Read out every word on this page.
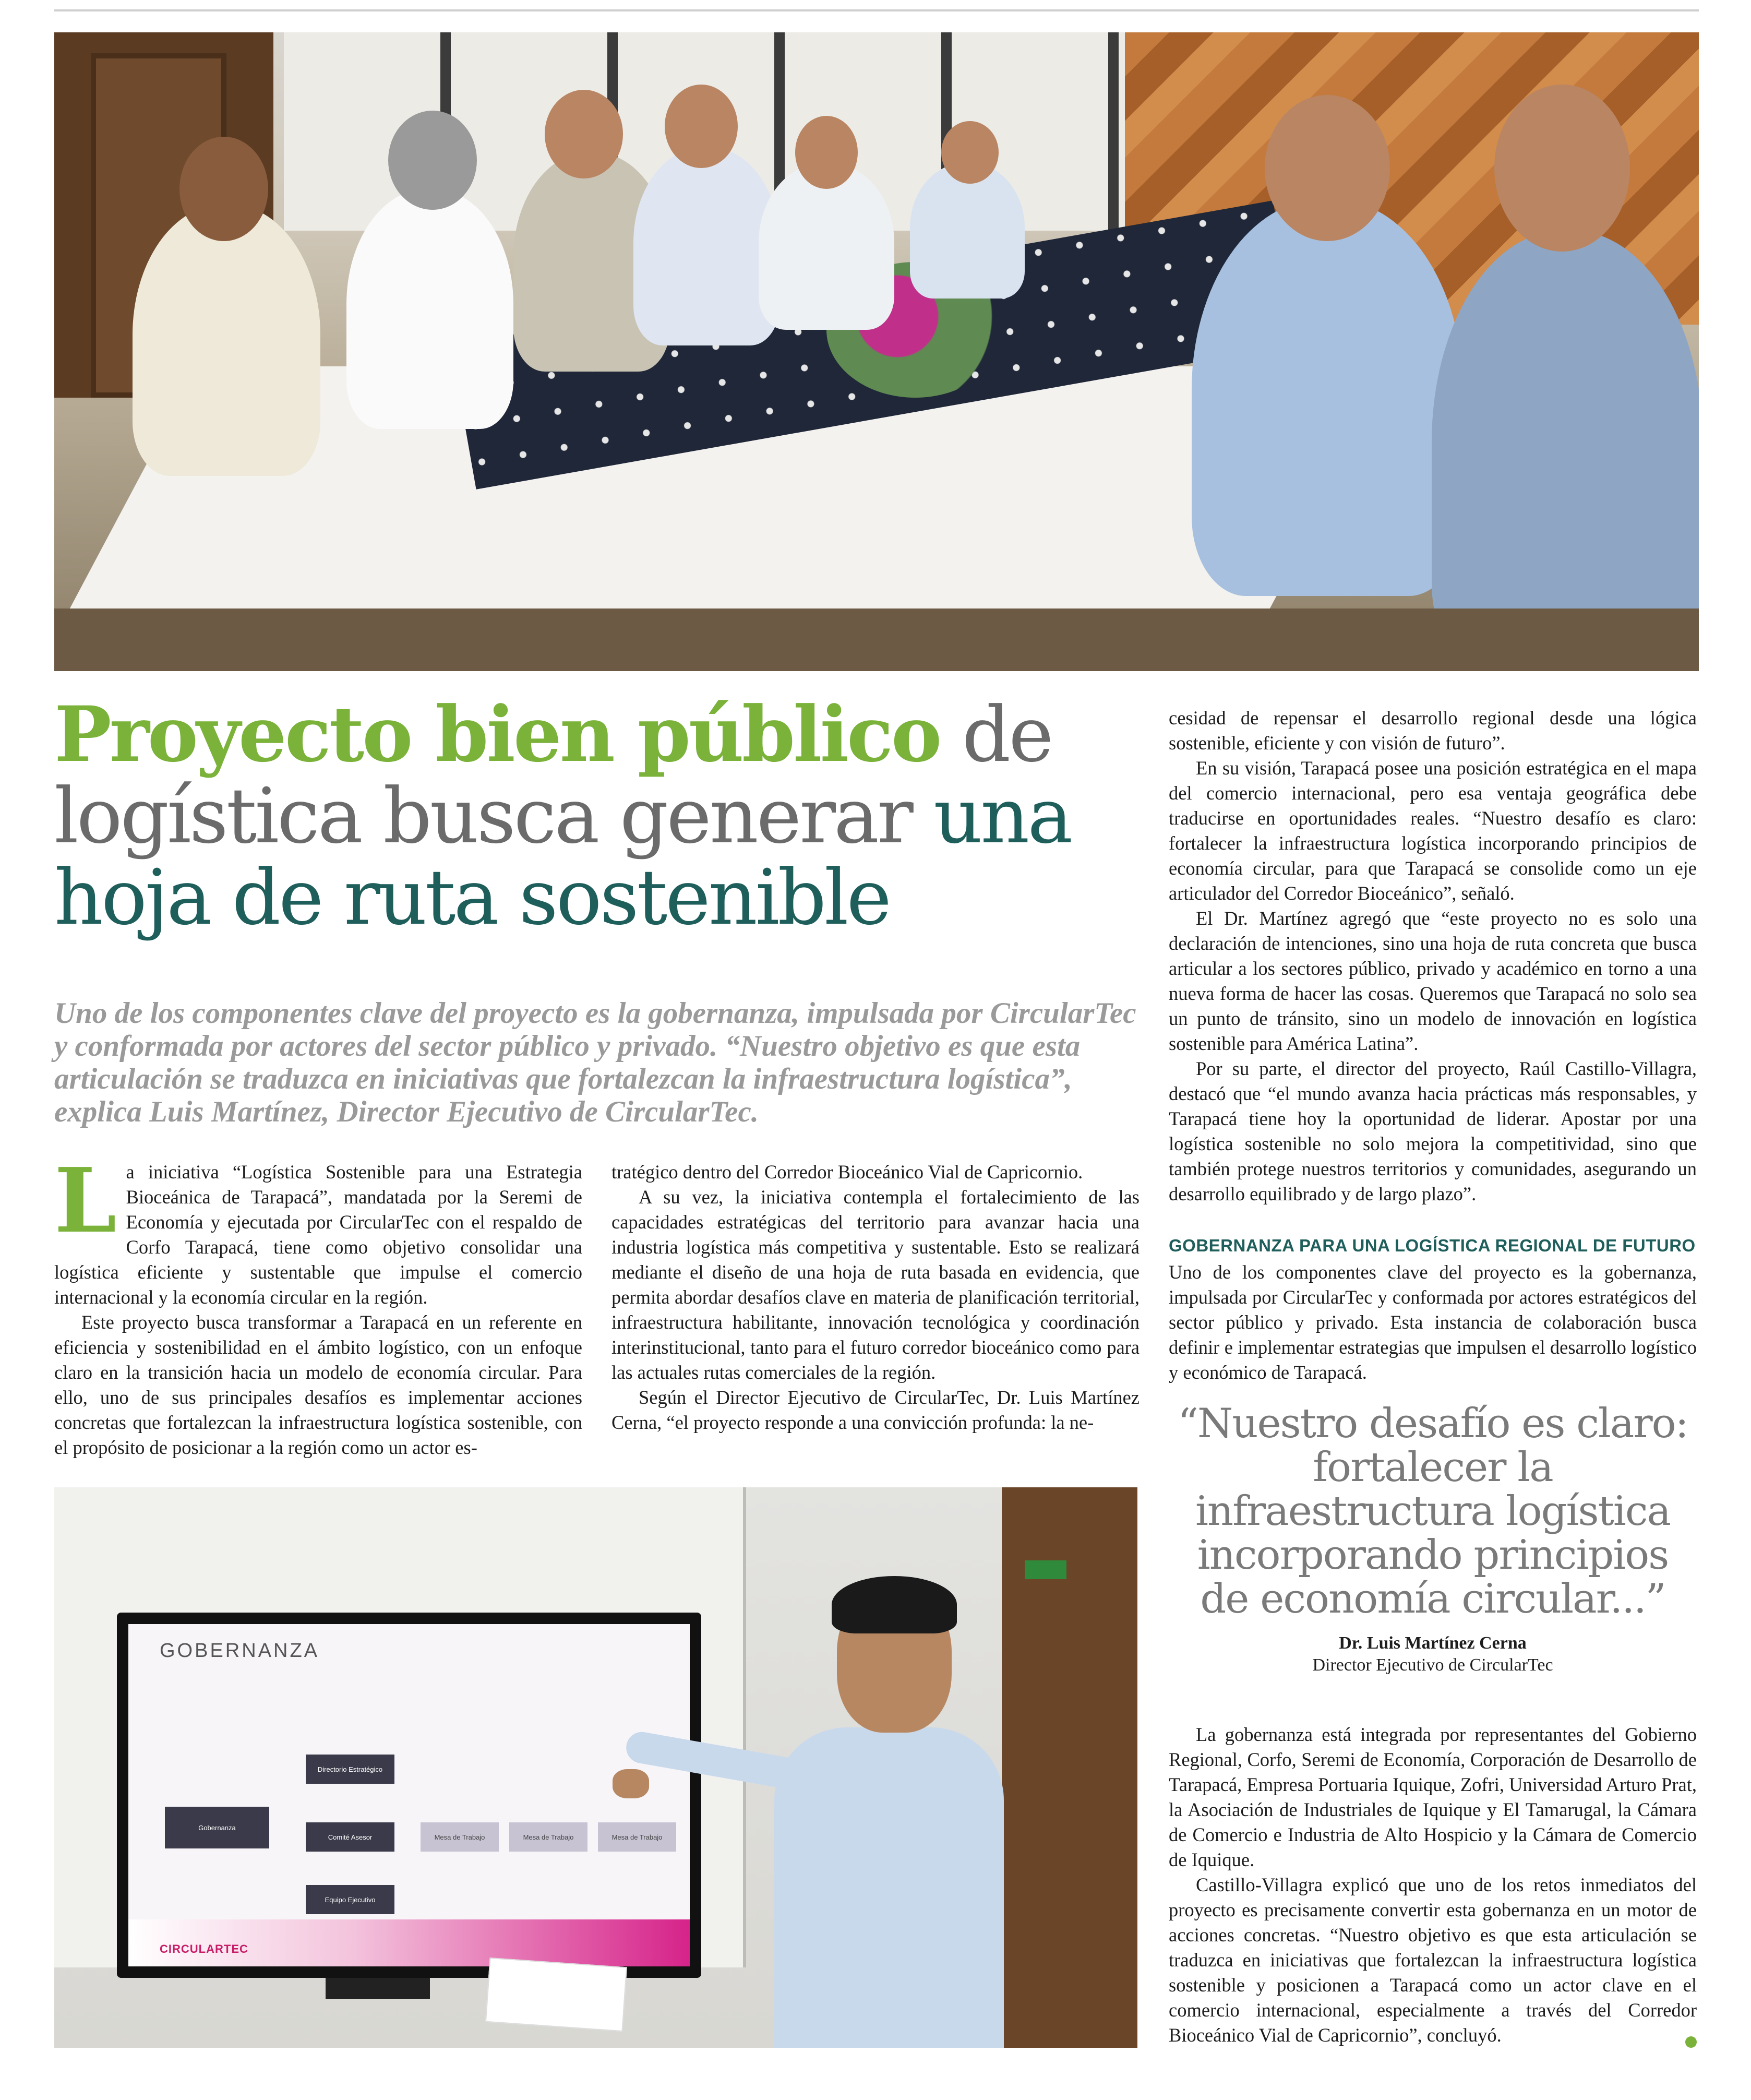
Proyecto bien público de logística busca generar una hoja de ruta sostenible

Uno de los componentes clave del proyecto es la gobernanza, impulsada por CircularTec y conformada por actores del sector público y privado. “Nuestro objetivo es que esta articulación se traduzca en iniciativas que fortalezcan la infraestructura logística”, explica Luis Martínez, Director Ejecutivo de CircularTec.

La iniciativa “Logística Sostenible para una Estrategia Bioceánica de Tarapacá”, mandatada por la Seremi de Economía y ejecutada por CircularTec con el respaldo de Corfo Tarapacá, tiene como objetivo consolidar una logística eficiente y sustentable que impulse el comercio internacional y la economía circular en la región.

Este proyecto busca transformar a Tarapacá en un referente en eficiencia y sostenibilidad en el ámbito logístico, con un enfoque claro en la transición hacia un modelo de economía circular. Para ello, uno de sus principales desafíos es implementar acciones concretas que fortalezcan la infraestructura logística sostenible, con el propósito de posicionar a la región como un actor es-

tratégico dentro del Corredor Bioceánico Vial de Capricornio.

A su vez, la iniciativa contempla el fortalecimiento de las capacidades estratégicas del territorio para avanzar hacia una industria logística más competitiva y sustentable. Esto se realizará mediante el diseño de una hoja de ruta basada en evidencia, que permita abordar desafíos clave en materia de planificación territorial, infraestructura habilitante, innovación tecnológica y coordinación interinstitucional, tanto para el futuro corredor bioceánico como para las actuales rutas comerciales de la región.

Según el Director Ejecutivo de CircularTec, Dr. Luis Martínez Cerna, “el proyecto responde a una convicción profunda: la ne-

cesidad de repensar el desarrollo regional desde una lógica sostenible, eficiente y con visión de futuro”.

En su visión, Tarapacá posee una posición estratégica en el mapa del comercio internacional, pero esa ventaja geográfica debe traducirse en oportunidades reales. “Nuestro desafío es claro: fortalecer la infraestructura logística incorporando principios de economía circular, para que Tarapacá se consolide como un eje articulador del Corredor Bioceánico”, señaló.

El Dr. Martínez agregó que “este proyecto no es solo una declaración de intenciones, sino una hoja de ruta concreta que busca articular a los sectores público, privado y académico en torno a una nueva forma de hacer las cosas. Queremos que Tarapacá no solo sea un punto de tránsito, sino un modelo de innovación en logística sostenible para América Latina”.

Por su parte, el director del proyecto, Raúl Castillo-Villagra, destacó que “el mundo avanza hacia prácticas más responsables, y Tarapacá tiene hoy la oportunidad de liderar. Apostar por una logística sostenible no solo mejora la competitividad, sino que también protege nuestros territorios y comunidades, asegurando un desarrollo equilibrado y de largo plazo”.

GOBERNANZA PARA UNA LOGÍSTICA REGIONAL DE FUTURO

Uno de los componentes clave del proyecto es la gobernanza, impulsada por CircularTec y conformada por actores estratégicos del sector público y privado. Esta instancia de colaboración busca definir e implementar estrategias que impulsen el desarrollo logístico y económico de Tarapacá.

“Nuestro desafío es claro: fortalecer la infraestructura logística incorporando principios de economía circular...”

Dr. Luis Martínez Cerna
Director Ejecutivo de CircularTec

La gobernanza está integrada por representantes del Gobierno Regional, Corfo, Seremi de Economía, Corporación de Desarrollo de Tarapacá, Empresa Portuaria Iquique, Zofri, Universidad Arturo Prat, la Asociación de Industriales de Iquique y El Tamarugal, la Cámara de Comercio e Industria de Alto Hospicio y la Cámara de Comercio de Iquique.

Castillo-Villagra explicó que uno de los retos inmediatos del proyecto es precisamente convertir esta gobernanza en un motor de acciones concretas. “Nuestro objetivo es que esta articulación se traduzca en iniciativas que fortalezcan la infraestructura logística sostenible y posicionen a Tarapacá como un actor clave en el comercio internacional, especialmente a través del Corredor Bioceánico Vial de Capricornio”, concluyó.

GOBERNANZA
Gobernanza
Directorio Estratégico
Comité Asesor
Equipo Ejecutivo
Mesa de Trabajo	Mesa de Trabajo	Mesa de Trabajo
CIRCULARTEC
